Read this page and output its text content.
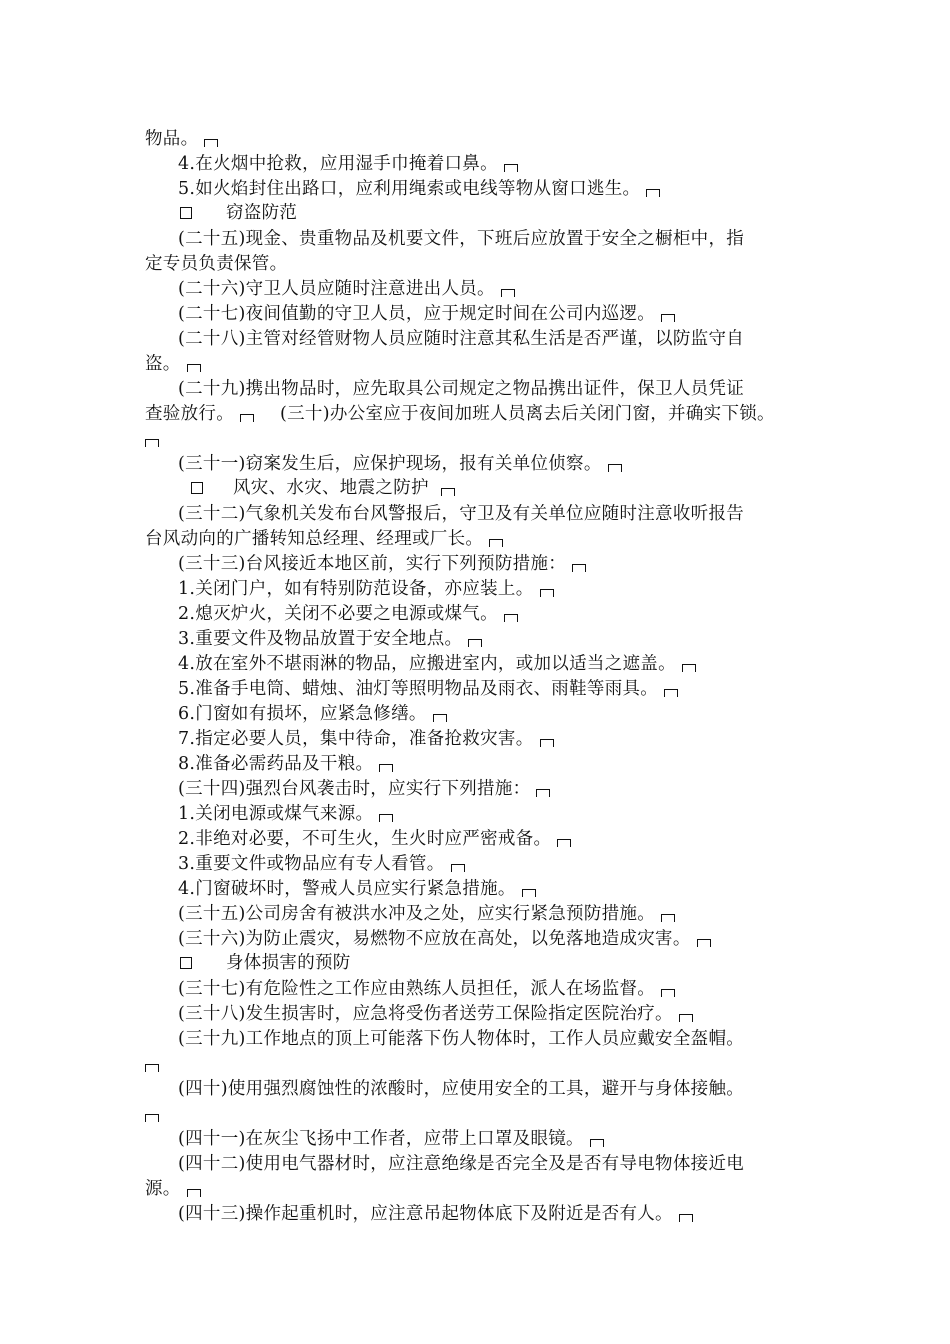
物品。
4.在火烟中抢救，应用湿手巾掩着口鼻。
5.如火焰封住出路口，应利用绳索或电线等物从窗口逃生。
窃盗防范
(二十五)现金、贵重物品及机要文件，下班后应放置于安全之橱柜中，指
定专员负责保管。
(二十六)守卫人员应随时注意进出人员。
(二十七)夜间值勤的守卫人员，应于规定时间在公司内巡逻。
(二十八)主管对经管财物人员应随时注意其私生活是否严谨，以防监守自
盗。
(二十九)携出物品时，应先取具公司规定之物品携出证件，保卫人员凭证
查验放行。	(三十)办公室应于夜间加班人员离去后关闭门窗，并确实下锁。
(三十一)窃案发生后，应保护现场，报有关单位侦察。
风灾、水灾、地震之防护
(三十二)气象机关发布台风警报后，守卫及有关单位应随时注意收听报告
台风动向的广播转知总经理、经理或厂长。
(三十三)台风接近本地区前，实行下列预防措施：
1.关闭门户，如有特别防范设备，亦应装上。
2.熄灭炉火，关闭不必要之电源或煤气。
3.重要文件及物品放置于安全地点。
4.放在室外不堪雨淋的物品，应搬进室内，或加以适当之遮盖。
5.准备手电筒、蜡烛、油灯等照明物品及雨衣、雨鞋等雨具。
6.门窗如有损坏，应紧急修缮。
7.指定必要人员，集中待命，准备抢救灾害。
8.准备必需药品及干粮。
(三十四)强烈台风袭击时，应实行下列措施：
1.关闭电源或煤气来源。
2.非绝对必要，不可生火，生火时应严密戒备。
3.重要文件或物品应有专人看管。
4.门窗破坏时，警戒人员应实行紧急措施。
(三十五)公司房舍有被洪水冲及之处，应实行紧急预防措施。
(三十六)为防止震灾，易燃物不应放在高处，以免落地造成灾害。
身体损害的预防
(三十七)有危险性之工作应由熟练人员担任，派人在场监督。
(三十八)发生损害时，应急将受伤者送劳工保险指定医院治疗。
(三十九)工作地点的顶上可能落下伤人物体时，工作人员应戴安全盔帽。
(四十)使用强烈腐蚀性的浓酸时，应使用安全的工具，避开与身体接触。
(四十一)在灰尘飞扬中工作者，应带上口罩及眼镜。
(四十二)使用电气器材时，应注意绝缘是否完全及是否有导电物体接近电
源。
(四十三)操作起重机时，应注意吊起物体底下及附近是否有人。
